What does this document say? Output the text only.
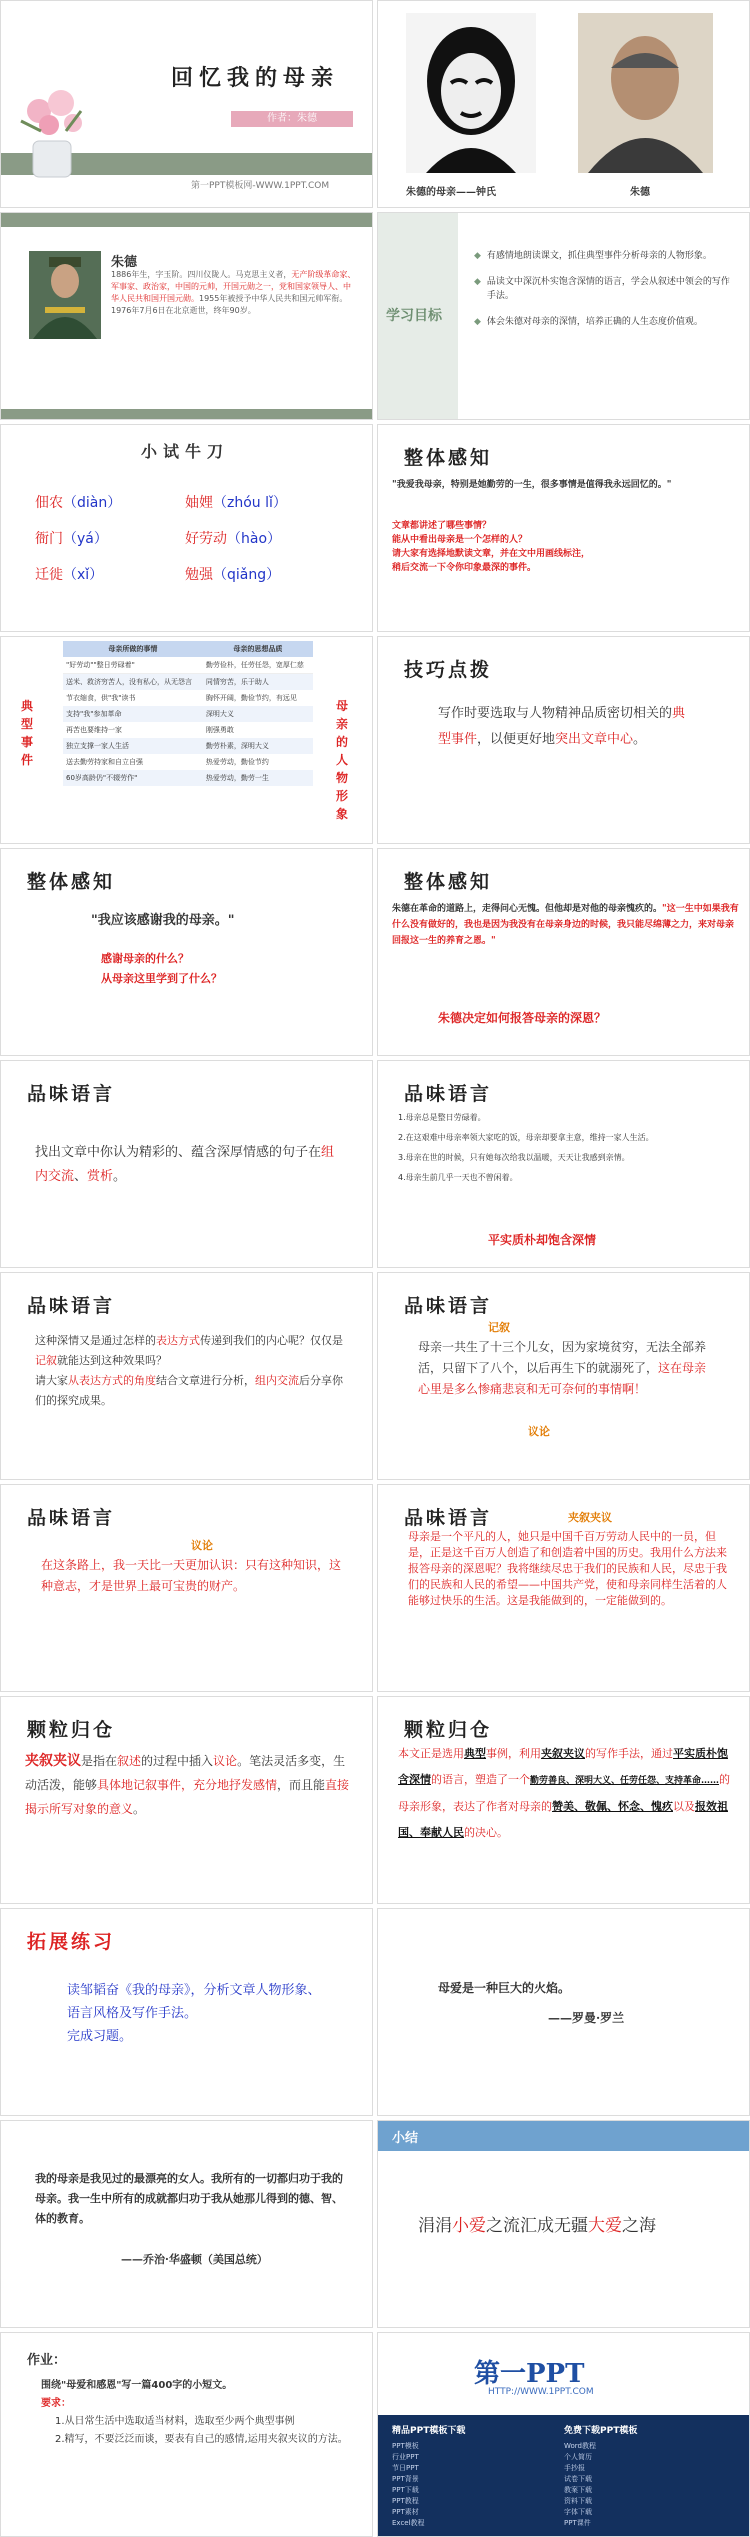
回忆我的母亲
作者：朱德
第一PPT模板网-WWW.1PPT.COM
朱德的母亲——钟氏	朱德
朱德
1886年生，字玉阶。四川仪陇人。马克思主义者，无产阶级革命家、军事家、政治家，中国的元帅，开国元勋之一，党和国家领导人、中华人民共和国开国元勋。1955年被授予中华人民共和国元帅军衔。
1976年7月6日在北京逝世，终年90岁。	学习目标
◆ 有感情地朗读课文，抓住典型事件分析母亲的人物形象。
◆ 品读文中深沉朴实饱含深情的语言，学会从叙述中领会的写作手法。
◆ 体会朱德对母亲的深情，培养正确的人生态度价值观。
小试牛刀
佃农（diàn）	妯娌（zhóu lǐ）
衙门（yá）	好劳动（hào）
迁徙（xǐ）	勉强（qiǎng）
整体感知
"我爱我母亲，特别是她勤劳的一生，很多事情是值得我永远回忆的。"
文章都讲述了哪些事情？
能从中看出母亲是一个怎样的人？
请大家有选择地默读文章，并在文中用画线标注，
稍后交流一下令你印象最深的事件。
典型事件
母亲的人物形象
母亲所做的事情	母亲的思想品质
"好劳动""整日劳碌着"	勤劳俭朴，任劳任怨，宽厚仁慈
送米、救济穷苦人，没有私心，从无怨言	同情穷苦，乐于助人
节衣缩食，供"我"读书	胸怀开阔，勤俭节约，有远见
支持"我"参加革命	深明大义
再苦也要维持一家	刚强勇敢
独立支撑一家人生活	勤劳朴素，深明大义
送去勤劳持家和自立自强	热爱劳动，勤俭节约
60岁高龄仍"不辍劳作"	热爱劳动，勤劳一生
技巧点拨
写作时要选取与人物精神品质密切相关的典型事件，以便更好地突出文章中心。
整体感知
"我应该感谢我的母亲。"
感谢母亲的什么？
从母亲这里学到了什么？
整体感知
朱德在革命的道路上，走得问心无愧。但他却是对他的母亲愧疚的。"这一生中如果我有什么没有做好的，我也是因为我没有在母亲身边的时候，我只能尽绵薄之力，来对母亲回报这一生的养育之恩。"
朱德决定如何报答母亲的深恩？
品味语言
找出文章中你认为精彩的、蕴含深厚情感的句子在组内交流、赏析。
品味语言
1.母亲总是整日劳碌着。
2.在这艰难中母亲率领大家吃的饭，母亲却要拿主意，维持一家人生活。
3.母亲在世的时候，只有她每次给我以温暖，天天让我感到亲情。
4.母亲生前几乎一天也不曾闲着。
平实质朴却饱含深情
品味语言
这种深情又是通过怎样的表达方式传递到我们的内心呢？仅仅是记叙就能达到这种效果吗？
请大家从表达方式的角度结合文章进行分析，组内交流后分享你们的探究成果。
品味语言
记叙
母亲一共生了十三个儿女，因为家境贫穷，无法全部养活，只留下了八个，以后再生下的就溺死了，这在母亲心里是多么惨痛悲哀和无可奈何的事情啊！
议论
品味语言
议论
在这条路上，我一天比一天更加认识：只有这种知识，这种意志，才是世界上最可宝贵的财产。
品味语言	夹叙夹议
母亲是一个平凡的人，她只是中国千百万劳动人民中的一员，但是，正是这千百万人创造了和创造着中国的历史。我用什么方法来报答母亲的深恩呢？我将继续尽忠于我们的民族和人民，尽忠于我们的民族和人民的希望——中国共产党，使和母亲同样生活着的人能够过快乐的生活。这是我能做到的，一定能做到的。
颗粒归仓
夹叙夹议是指在叙述的过程中插入议论。笔法灵活多变，生动活泼，能够具体地记叙事件，充分地抒发感情，而且能直接揭示所写对象的意义。
颗粒归仓
本文正是选用典型事例，利用夹叙夹议的写作手法，通过平实质朴饱含深情的语言，塑造了一个勤劳善良、深明大义、任劳任怨、支持革命……的母亲形象，表达了作者对母亲的赞美、敬佩、怀念、愧疚以及报效祖国、奉献人民的决心。
拓展练习
读邹韬奋《我的母亲》，分析文章人物形象、语言风格及写作手法。
完成习题。
母爱是一种巨大的火焰。
——罗曼·罗兰
我的母亲是我见过的最漂亮的女人。我所有的一切都归功于我的母亲。我一生中所有的成就都归功于我从她那儿得到的德、智、体的教育。
——乔治·华盛顿（美国总统）
小结
涓涓小爱之流汇成无疆大爱之海
作业：
围绕"母爱和感恩"写一篇400字的小短文。
要求：
1.从日常生活中选取适当材料，选取至少两个典型事例
2.精写，不要泛泛而谈，要表有自己的感情,运用夹叙夹议的方法。
第一PPT
HTTP://WWW.1PPT.COM
精品PPT模板下载	免费下载PPT模板
PPT模板
行业PPT
节日PPT
PPT背景
PPT下载
PPT教程
PPT素材
Excel教程
Word教程
个人简历
手抄报
试卷下载
教案下载
资料下载
字体下载
PPT课件
